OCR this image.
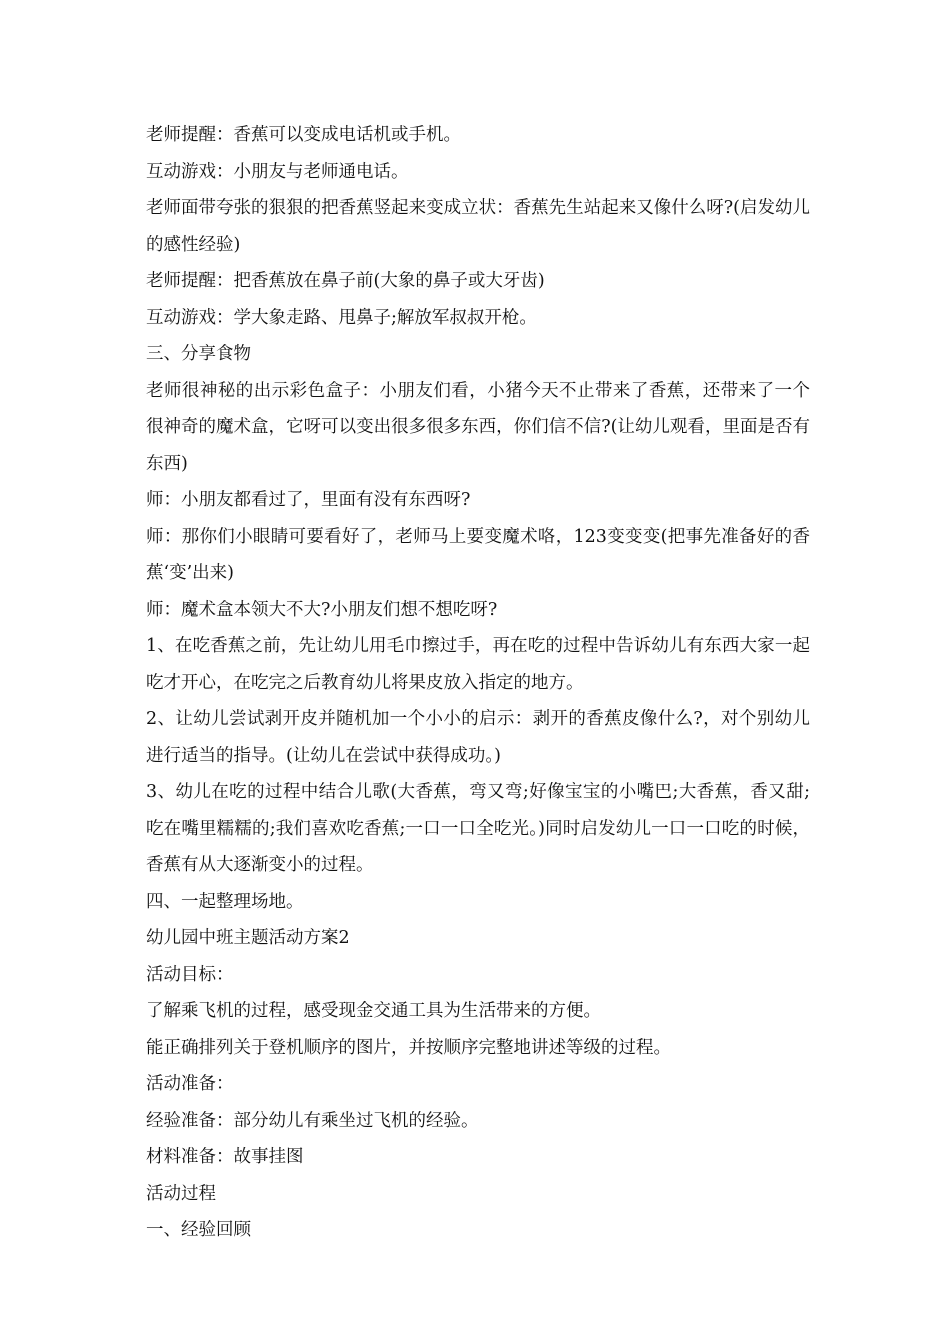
老师提醒：香蕉可以变成电话机或手机。

互动游戏：小朋友与老师通电话。

老师面带夸张的狠狠的把香蕉竖起来变成立状：香蕉先生站起来又像什么呀?(启发幼儿的感性经验)

老师提醒：把香蕉放在鼻子前(大象的鼻子或大牙齿)

互动游戏：学大象走路、甩鼻子;解放军叔叔开枪。

三、分享食物

老师很神秘的出示彩色盒子：小朋友们看，小猪今天不止带来了香蕉，还带来了一个很神奇的魔术盒，它呀可以变出很多很多东西，你们信不信?(让幼儿观看，里面是否有东西)

师：小朋友都看过了，里面有没有东西呀?

师：那你们小眼睛可要看好了，老师马上要变魔术咯，123变变变(把事先准备好的香蕉‘变’出来)

师：魔术盒本领大不大?小朋友们想不想吃呀?

1、在吃香蕉之前，先让幼儿用毛巾擦过手，再在吃的过程中告诉幼儿有东西大家一起吃才开心，在吃完之后教育幼儿将果皮放入指定的地方。

2、让幼儿尝试剥开皮并随机加一个小小的启示：剥开的香蕉皮像什么?，对个别幼儿进行适当的指导。(让幼儿在尝试中获得成功。)

3、幼儿在吃的过程中结合儿歌(大香蕉，弯又弯;好像宝宝的小嘴巴;大香蕉，香又甜;吃在嘴里糯糯的;我们喜欢吃香蕉;一口一口全吃光。)同时启发幼儿一口一口吃的时候，香蕉有从大逐渐变小的过程。

四、一起整理场地。

幼儿园中班主题活动方案2

活动目标：

了解乘飞机的过程，感受现金交通工具为生活带来的方便。

能正确排列关于登机顺序的图片，并按顺序完整地讲述等级的过程。

活动准备：

经验准备：部分幼儿有乘坐过飞机的经验。

材料准备：故事挂图

活动过程

一、经验回顾
